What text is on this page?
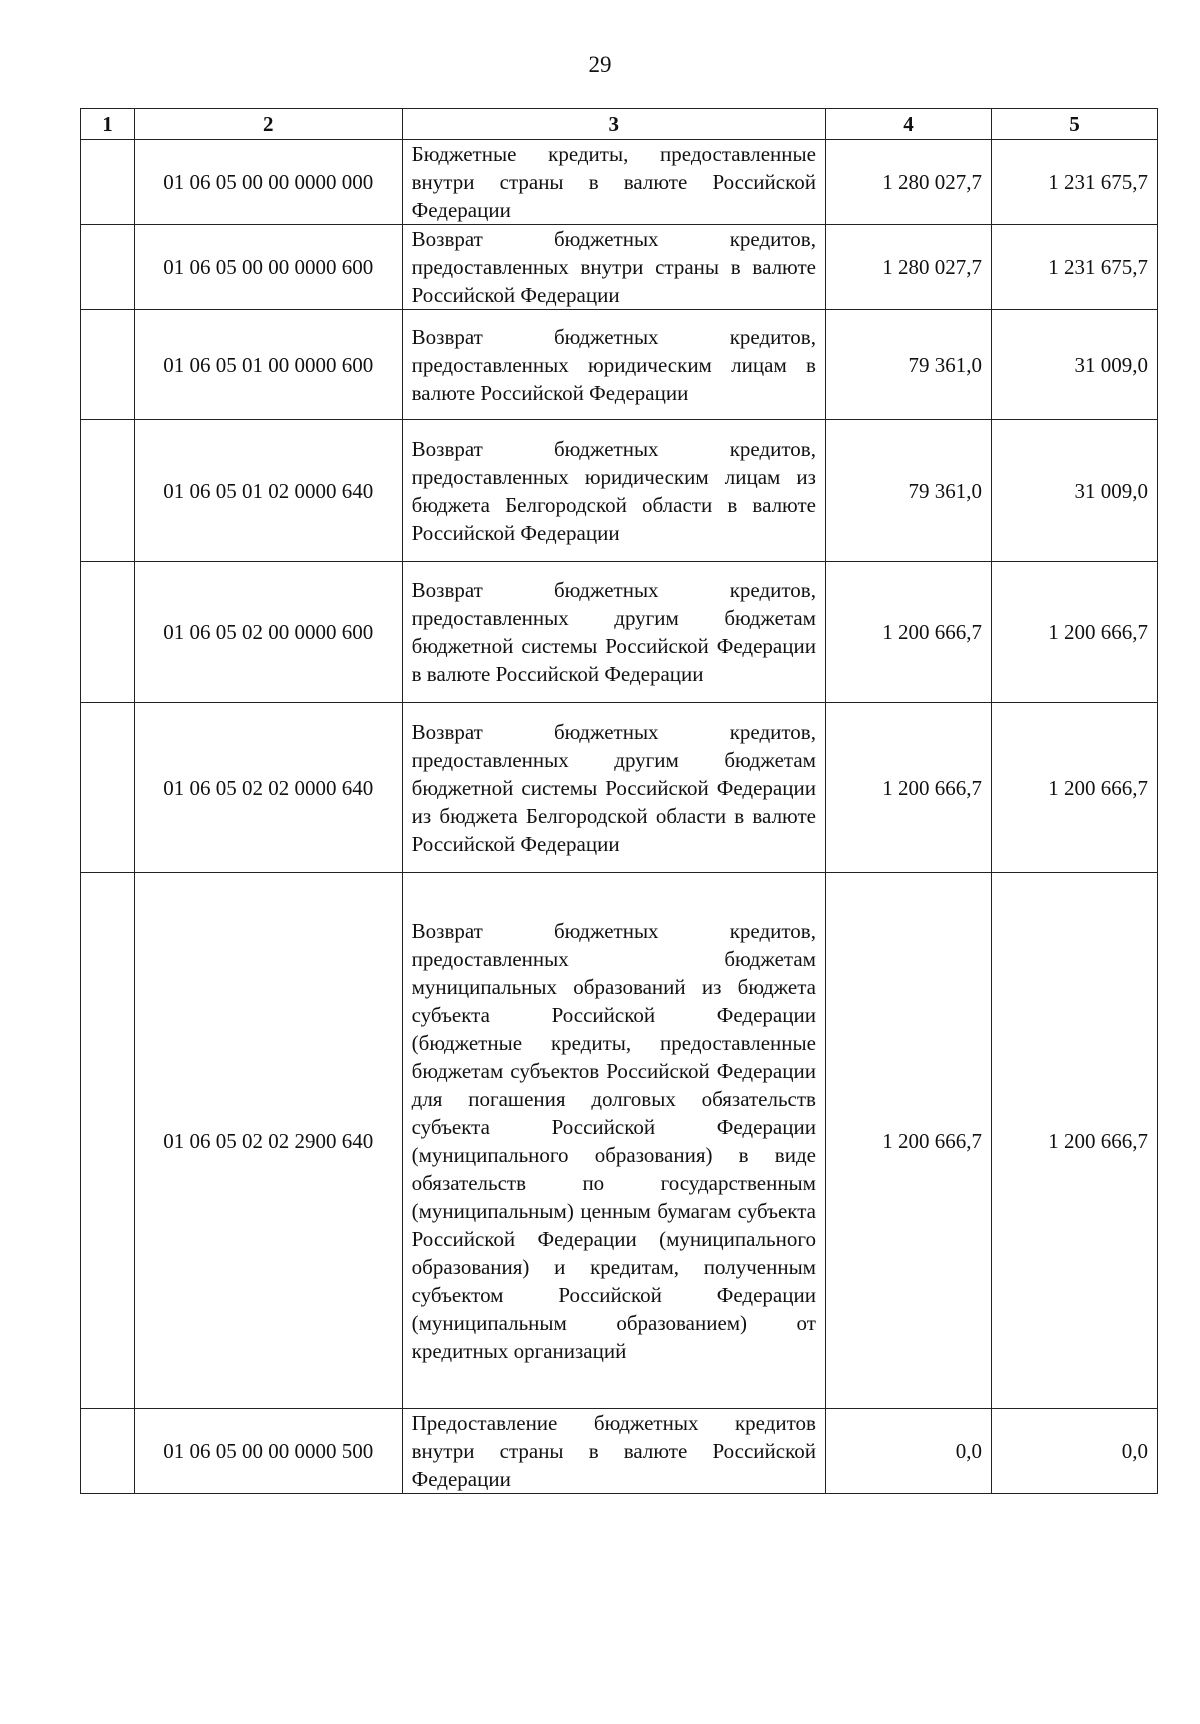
29
1	2	3	4	5
	01 06 05 00 00 0000 000	Бюджетные кредиты, предоставленные внутри страны в валюте Российской Федерации	1 280 027,7	1 231 675,7
	01 06 05 00 00 0000 600	Возврат бюджетных кредитов, предоставленных внутри страны в валюте Российской Федерации	1 280 027,7	1 231 675,7
	01 06 05 01 00 0000 600	Возврат бюджетных кредитов, предоставленных юридическим лицам в валюте Российской Федерации	79 361,0	31 009,0
	01 06 05 01 02 0000 640	Возврат бюджетных кредитов, предоставленных юридическим лицам из бюджета Белгородской области в валюте Российской Федерации	79 361,0	31 009,0
	01 06 05 02 00 0000 600	Возврат бюджетных кредитов, предоставленных другим бюджетам бюджетной системы Российской Федерации в валюте Российской Федерации	1 200 666,7	1 200 666,7
	01 06 05 02 02 0000 640	Возврат бюджетных кредитов, предоставленных другим бюджетам бюджетной системы Российской Федерации из бюджета Белгородской области в валюте Российской Федерации	1 200 666,7	1 200 666,7
	01 06 05 02 02 2900 640	Возврат бюджетных кредитов, предоставленных бюджетам муниципальных образований из бюджета субъекта Российской Федерации (бюджетные кредиты, предоставленные бюджетам субъектов Российской Федерации для погашения долговых обязательств субъекта Российской Федерации (муниципального образования) в виде обязательств по государственным (муниципальным) ценным бумагам субъекта Российской Федерации (муниципального образования) и кредитам, полученным субъектом Российской Федерации (муниципальным образованием) от кредитных организаций	1 200 666,7	1 200 666,7
	01 06 05 00 00 0000 500	Предоставление бюджетных кредитов внутри страны в валюте Российской Федерации	0,0	0,0
